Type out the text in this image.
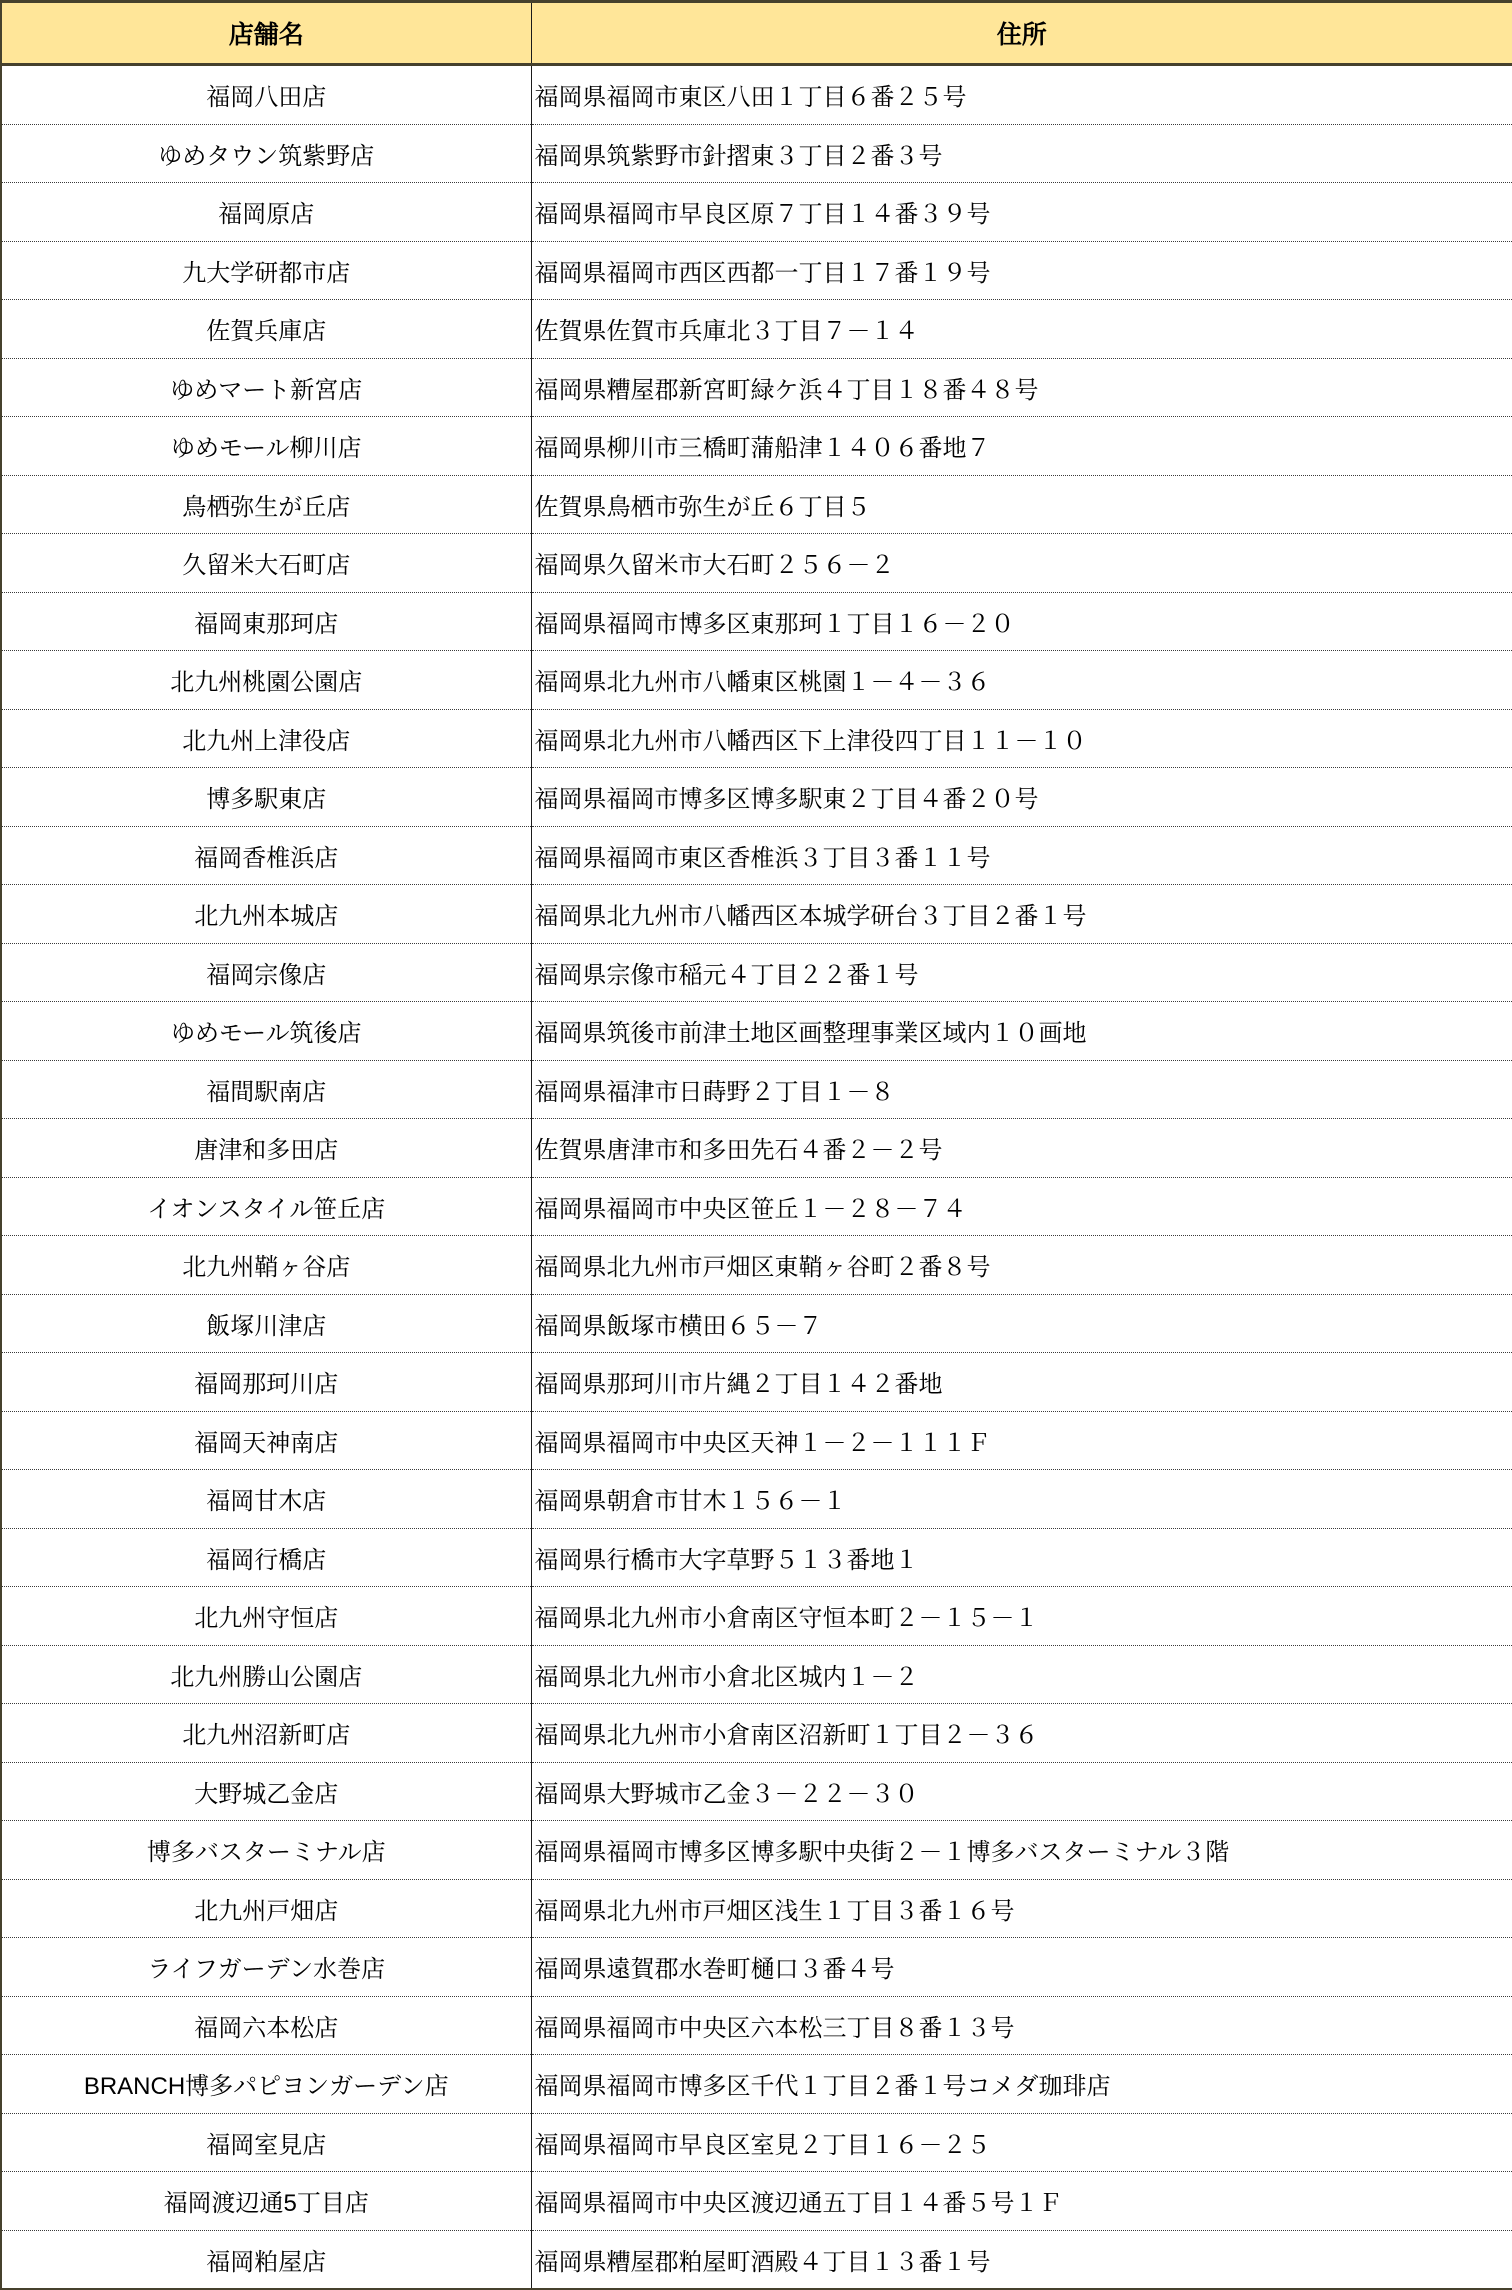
店舗名	住所
福岡八田店	福岡県福岡市東区八田１丁目６番２５号
ゆめタウン筑紫野店	福岡県筑紫野市針摺東３丁目２番３号
福岡原店	福岡県福岡市早良区原７丁目１４番３９号
九大学研都市店	福岡県福岡市西区西都一丁目１７番１９号
佐賀兵庫店	佐賀県佐賀市兵庫北３丁目７－１４
ゆめマート新宮店	福岡県糟屋郡新宮町緑ケ浜４丁目１８番４８号
ゆめモール柳川店	福岡県柳川市三橋町蒲船津１４０６番地７
鳥栖弥生が丘店	佐賀県鳥栖市弥生が丘６丁目５
久留米大石町店	福岡県久留米市大石町２５６－２
福岡東那珂店	福岡県福岡市博多区東那珂１丁目１６－２０
北九州桃園公園店	福岡県北九州市八幡東区桃園１－４－３６
北九州上津役店	福岡県北九州市八幡西区下上津役四丁目１１－１０
博多駅東店	福岡県福岡市博多区博多駅東２丁目４番２０号
福岡香椎浜店	福岡県福岡市東区香椎浜３丁目３番１１号
北九州本城店	福岡県北九州市八幡西区本城学研台３丁目２番１号
福岡宗像店	福岡県宗像市稲元４丁目２２番１号
ゆめモール筑後店	福岡県筑後市前津土地区画整理事業区域内１０画地
福間駅南店	福岡県福津市日蒔野２丁目１－８
唐津和多田店	佐賀県唐津市和多田先石４番２－２号
イオンスタイル笹丘店	福岡県福岡市中央区笹丘１－２８－７４
北九州鞘ヶ谷店	福岡県北九州市戸畑区東鞘ヶ谷町２番８号
飯塚川津店	福岡県飯塚市横田６５－７
福岡那珂川店	福岡県那珂川市片縄２丁目１４２番地
福岡天神南店	福岡県福岡市中央区天神１－２－１１１Ｆ
福岡甘木店	福岡県朝倉市甘木１５６－１
福岡行橋店	福岡県行橋市大字草野５１３番地１
北九州守恒店	福岡県北九州市小倉南区守恒本町２－１５－１
北九州勝山公園店	福岡県北九州市小倉北区城内１－２
北九州沼新町店	福岡県北九州市小倉南区沼新町１丁目２－３６
大野城乙金店	福岡県大野城市乙金３－２２－３０
博多バスターミナル店	福岡県福岡市博多区博多駅中央街２－１博多バスターミナル３階
北九州戸畑店	福岡県北九州市戸畑区浅生１丁目３番１６号
ライフガーデン水巻店	福岡県遠賀郡水巻町樋口３番４号
福岡六本松店	福岡県福岡市中央区六本松三丁目８番１３号
BRANCH博多パピヨンガーデン店	福岡県福岡市博多区千代１丁目２番１号コメダ珈琲店
福岡室見店	福岡県福岡市早良区室見２丁目１６－２５
福岡渡辺通5丁目店	福岡県福岡市中央区渡辺通五丁目１４番５号１Ｆ
福岡粕屋店	福岡県糟屋郡粕屋町酒殿４丁目１３番１号
